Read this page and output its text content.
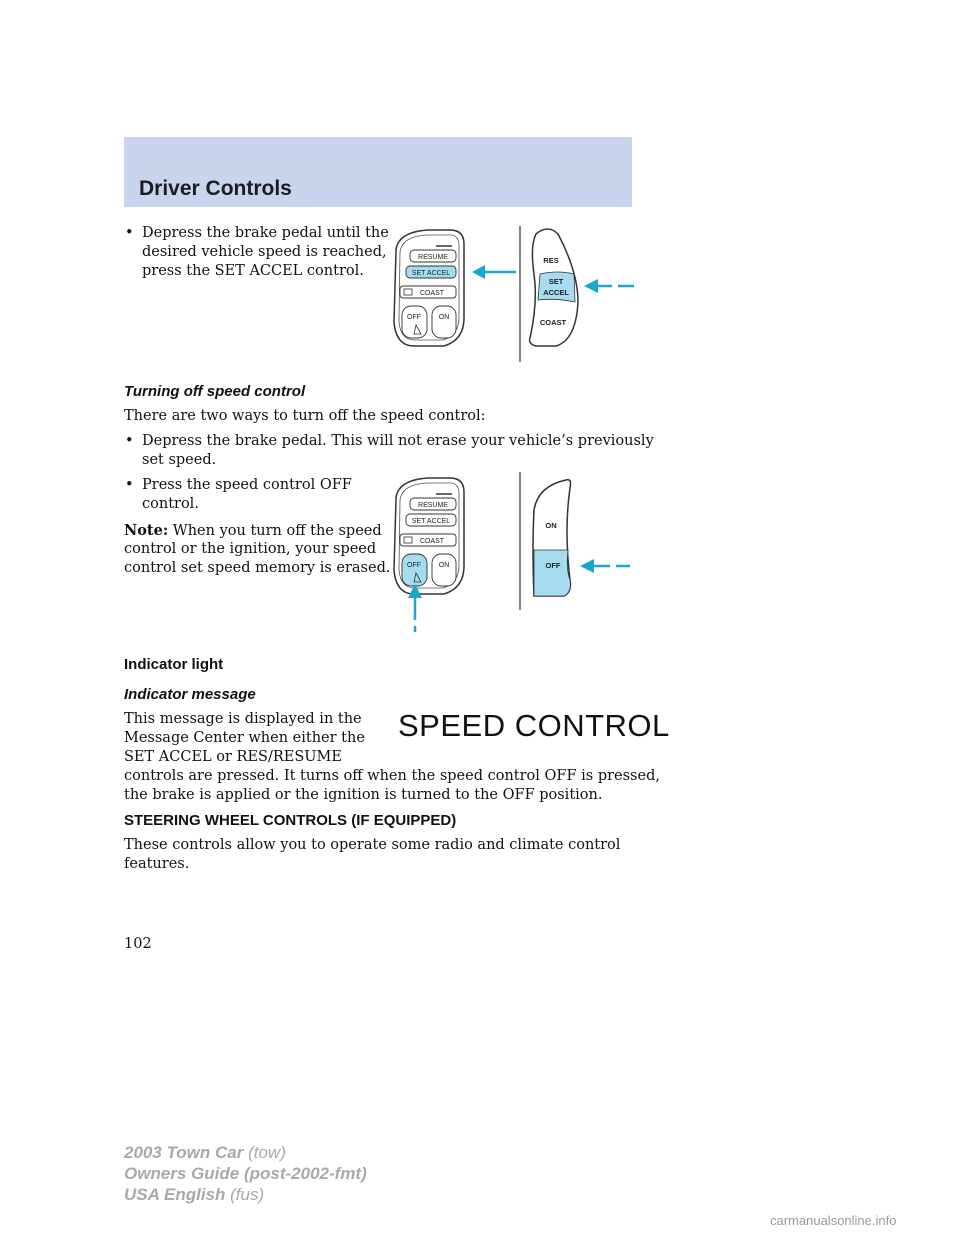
Driver Controls
• Depress the brake pedal until the

desired vehicle speed is reached,

press the SET ACCEL control.

RESUME
SET ACCEL
COAST
OFF	ON
RES
SET
ACCEL
COAST
Turning off speed control

There are two ways to turn off the speed control:

• Depress the brake pedal. This will not erase your vehicle’s previously

set speed.

• Press the speed control OFF

control.

Note: When you turn off the speed

control or the ignition, your speed

control set speed memory is erased.

RESUME
SET ACCEL
COAST
OFF	ON
ON
OFF
Indicator light
Indicator message

This message is displayed in the

Message Center when either the

SET ACCEL or RES/RESUME

controls are pressed. It turns off when the speed control OFF is pressed,

the brake is applied or the ignition is turned to the OFF position.

SPEED CONTROL
STEERING WHEEL CONTROLS (IF EQUIPPED)

These controls allow you to operate some radio and climate control

features.

102
2003 Town Car (tow)
Owners Guide (post-2002-fmt)
USA English (fus)
carmanualsonline.info
